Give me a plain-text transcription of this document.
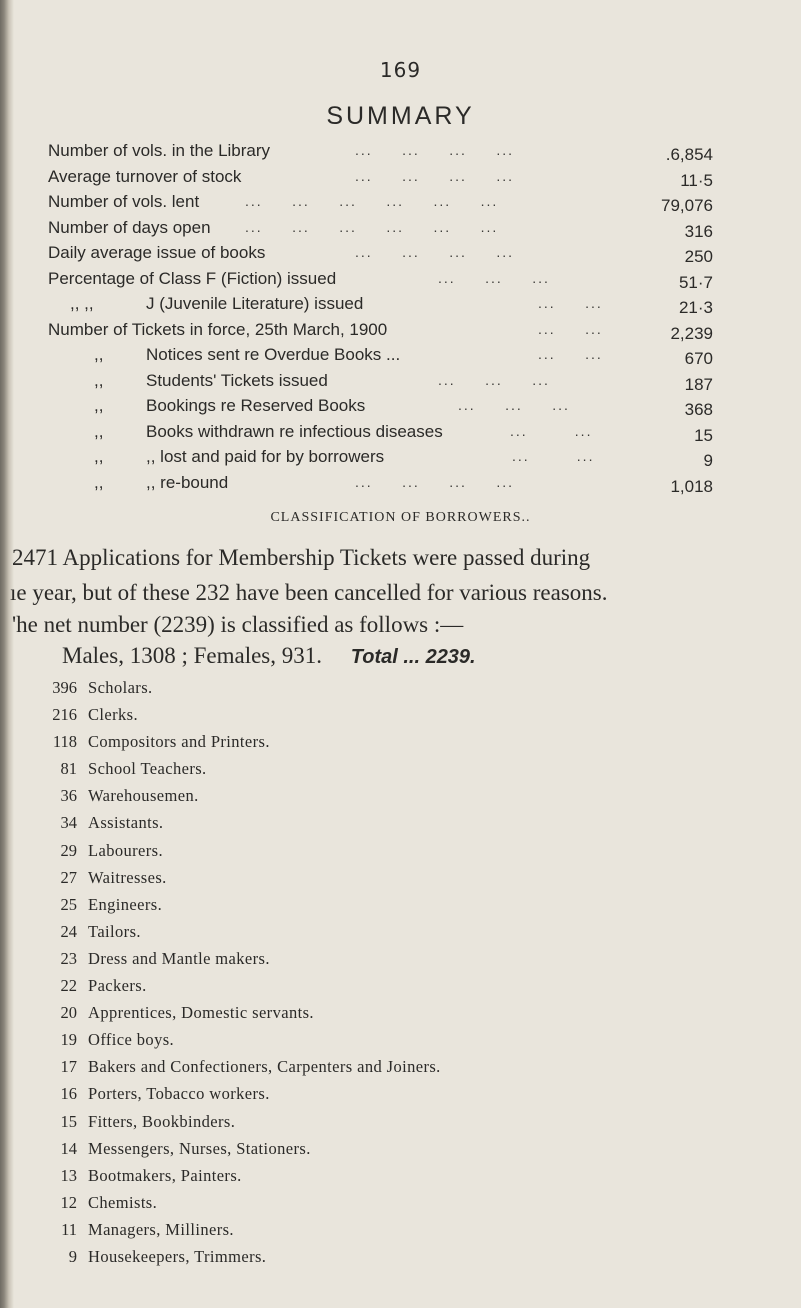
169
SUMMARY
Number of vols. in the Library	...     ...     ...     ...	.6,854
Average turnover of stock	...     ...     ...     ...	11·5
Number of vols. lent	...     ...     ...     ...     ...     ...	79,076
Number of days open ...     ...     ...     ...     ...     ...	316
Daily average issue of books	...     ...     ...     ...	250
Percentage of Class F (Fiction) issued	...     ...     ...	51·7
,, ,,	J (Juvenile Literature) issued	...     ...	21·3
Number of Tickets in force, 25th March, 1900	...     ...	2,239
,,	Notices sent re Overdue Books ...	...     ...	670
,,	Students' Tickets issued	...     ...     ...	187
,,	Bookings re Reserved Books	...     ...     ...	368
,,	Books withdrawn re infectious diseases	...        ...	15
,,	,, lost and paid for by borrowers	...        ...	9
,,	,, re-bound	...     ...     ...     ...	1,018
CLASSIFICATION OF BORROWERS..
2471 Applications for Membership Tickets were passed during
ıe year, but of these 232 have been cancelled for various reasons.
'he net number (2239) is classified as follows :—
Males, 1308 ; Females, 931. Total ... 2239.
396 Scholars.
216 Clerks.
118 Compositors and Printers.
81 School Teachers.
36 Warehousemen.
34 Assistants.
29 Labourers.
27 Waitresses.
25 Engineers.
24 Tailors.
23 Dress and Mantle makers.
22 Packers.
20 Apprentices, Domestic servants.
19 Office boys.
17 Bakers and Confectioners, Carpenters and Joiners.
16 Porters, Tobacco workers.
15 Fitters, Bookbinders.
14 Messengers, Nurses, Stationers.
13 Bootmakers, Painters.
12 Chemists.
11 Managers, Milliners.
9 Housekeepers, Trimmers.
